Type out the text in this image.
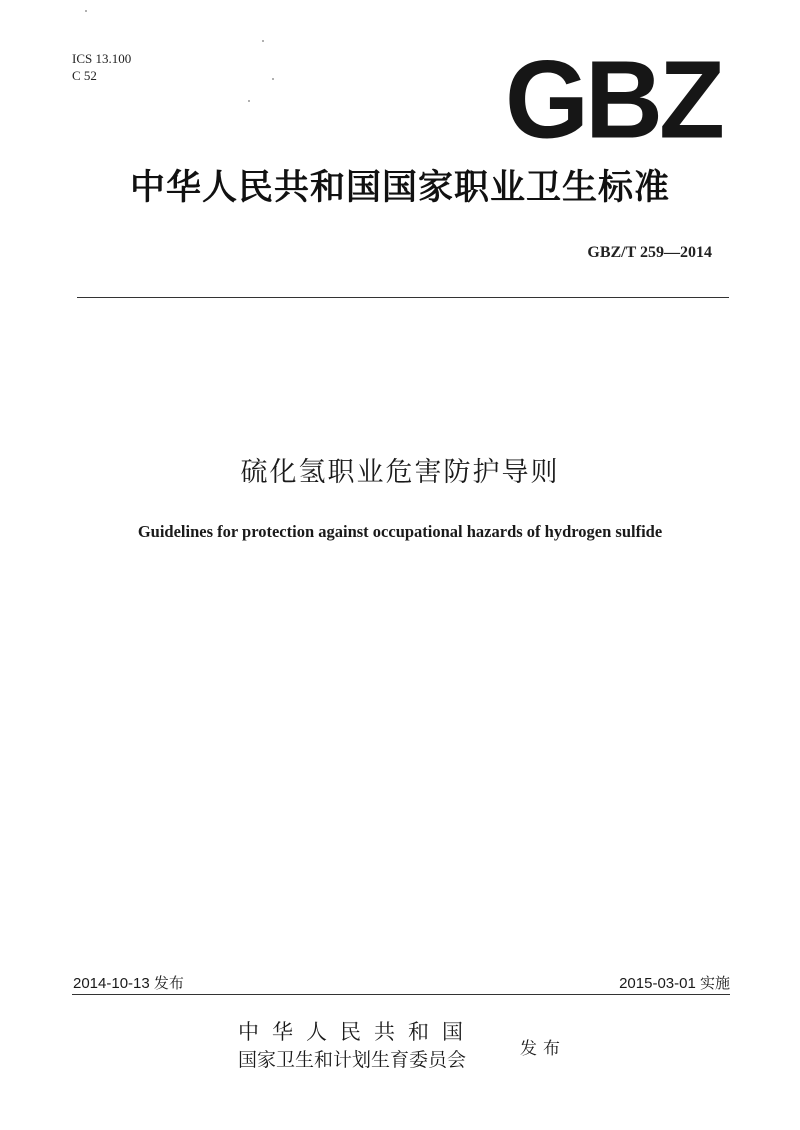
ICS 13.100
C 52	GBZ
中华人民共和国国家职业卫生标准
GBZ/T 259—2014
硫化氢职业危害防护导则
Guidelines for protection against occupational hazards of hydrogen sulfide
2014-10-13 发布	2015-03-01 实施
中华人民共和国
国家卫生和计划生育委员会	发布
